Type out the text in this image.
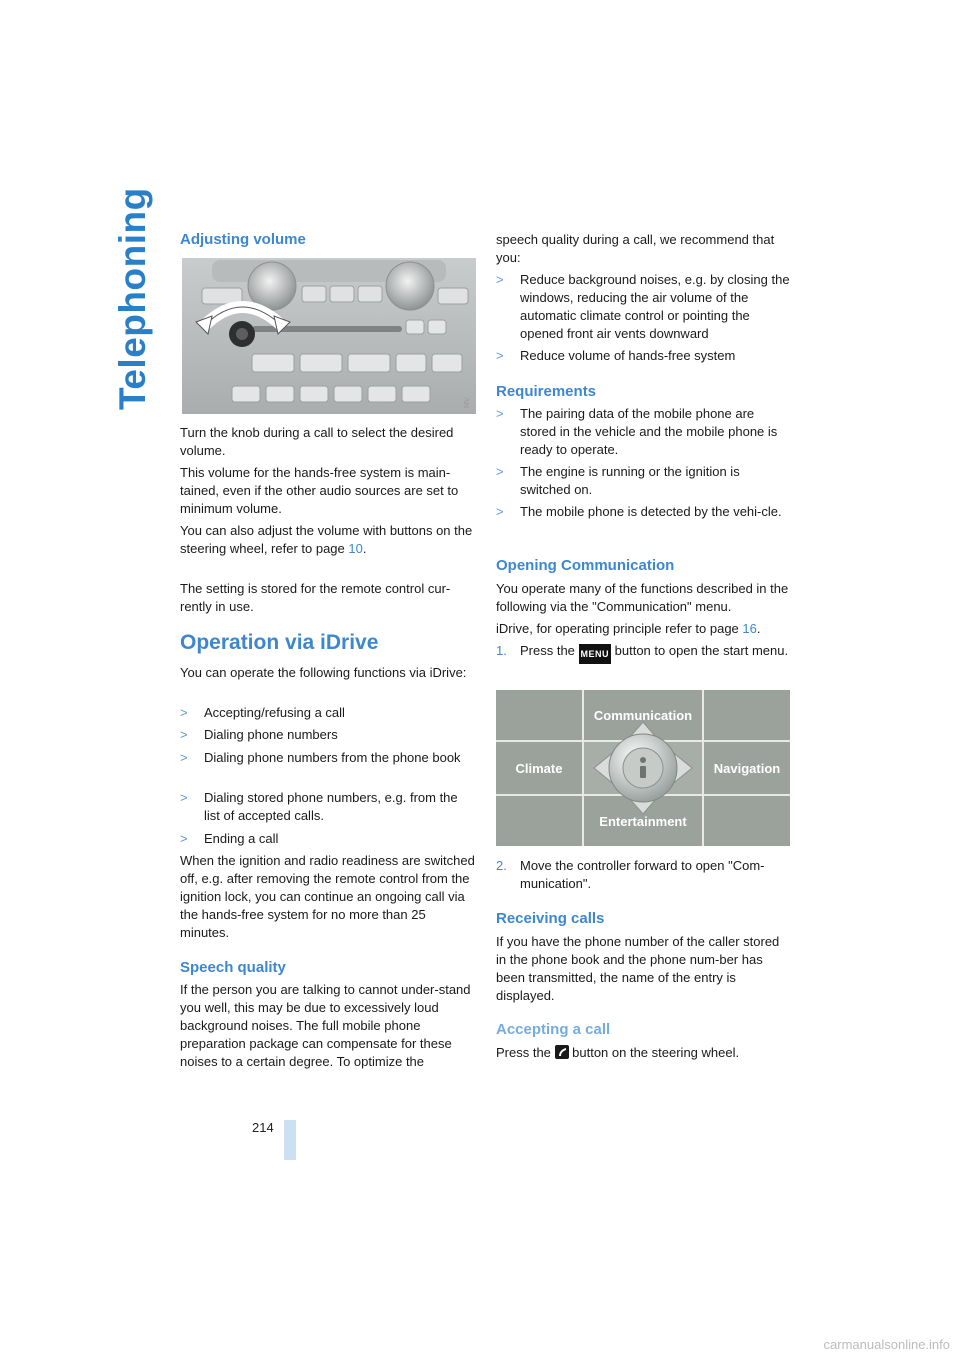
Telephoning Adjusting volume
MV

Turn the knob during a call to select the desired volume.

This volume for the hands-free system is main-tained, even if the other audio sources are set to minimum volume.

You can also adjust the volume with buttons on the steering wheel, refer to page 10.

The setting is stored for the remote control cur-rently in use.

Operation via iDrive

You can operate the following functions via iDrive:

> Accepting/refusing a call
> Dialing phone numbers
> Dialing phone numbers from the phone book
> Dialing stored phone numbers, e.g. from the list of accepted calls.
> Ending a call

When the ignition and radio readiness are switched off, e.g. after removing the remote control from the ignition lock, you can continue an ongoing call via the hands-free system for no more than 25 minutes.

Speech quality

If the person you are talking to cannot under-stand you well, this may be due to excessively loud background noises. The full mobile phone preparation package can compensate for these noises to a certain degree. To optimize the

speech quality during a call, we recommend that you:

> Reduce background noises, e.g. by closing the windows, reducing the air volume of the automatic climate control or pointing the opened front air vents downward
> Reduce volume of hands-free system
Requirements
> The pairing data of the mobile phone are stored in the vehicle and the mobile phone is ready to operate.
> The engine is running or the ignition is switched on.
> The mobile phone is detected by the vehi-cle.
Opening Communication

You operate many of the functions described in the following via the "Communication" menu.

iDrive, for operating principle refer to page 16.

1. Press the MENU button to open the start menu.
Communication
Climate	Navigation
Entertainment
2. Move the controller forward to open "Com-munication".
Receiving calls

If you have the phone number of the caller stored in the phone book and the phone num-ber has been transmitted, the name of the entry is displayed.

Accepting a call

Press the  button on the steering wheel.

214
carmanualsonline.info
